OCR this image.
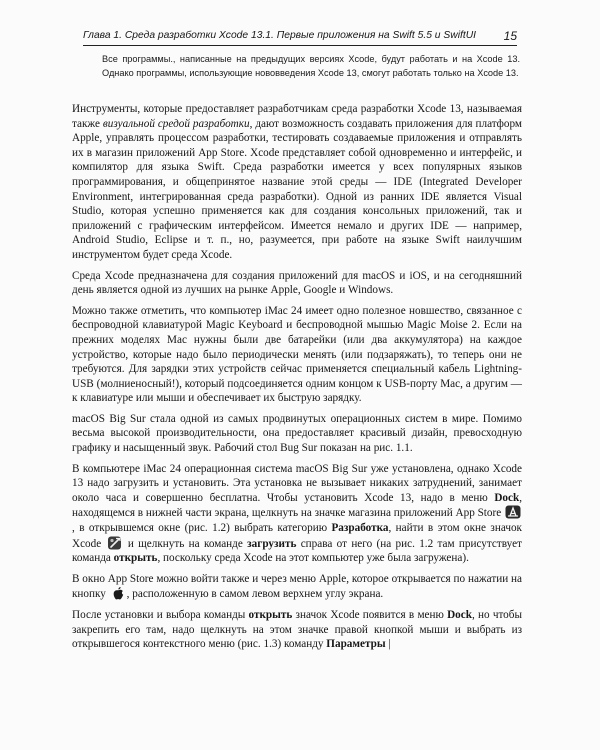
Глава 1. Среда разработки Xcode 13.1. Первые приложения на Swift 5.5 и SwiftUI 15
Все программы., написанные на предыдущих версиях Xcode, будут работать и на Xcode 13. Однако программы, использующие нововведения Xcode 13, смогут работать только на Xcode 13.

Инструменты, которые предоставляет разработчикам среда разработки Xcode 13, называемая также визуальной средой разработки, дают возможность создавать приложения для платформ Apple, управлять процессом разработки, тестировать создаваемые приложения и отправлять их в магазин приложений App Store. Xcode представляет собой одновременно и интерфейс, и компилятор для языка Swift. Среда разработки имеется у всех популярных языков программирования, и общепринятое название этой среды — IDE (Integrated Developer Environment, интегрированная среда разработки). Одной из ранних IDE является Visual Studio, которая успешно применяется как для создания консольных приложений, так и приложений с графическим интерфейсом. Имеется немало и других IDE — например, Android Studio, Eclipse и т. п., но, разумеется, при работе на языке Swift наилучшим инструментом будет среда Xcode.

Среда Xcode предназначена для создания приложений для macOS и iOS, и на сегодняшний день является одной из лучших на рынке Apple, Google и Windows.

Можно также отметить, что компьютер iMac 24 имеет одно полезное новшество, связанное с беспроводной клавиатурой Magic Keyboard и беспроводной мышью Magic Moise 2. Если на прежних моделях Mac нужны были две батарейки (или два аккумулятора) на каждое устройство, которые надо было периодически менять (или подзаряжать), то теперь они не требуются. Для зарядки этих устройств сейчас применяется специальный кабель Lightning-USB (молниеносный!), который подсоединяется одним концом к USB-порту Mac, а другим — к клавиатуре или мыши и обеспечивает их быструю зарядку.

macOS Big Sur стала одной из самых продвинутых операционных систем в мире. Помимо весьма высокой производительности, она предоставляет красивый дизайн, превосходную графику и насыщенный звук. Рабочий стол Bug Sur показан на рис. 1.1.

В компьютере iMac 24 операционная система macOS Big Sur уже установлена, однако Xcode 13 надо загрузить и установить. Эта установка не вызывает никаких затруднений, занимает около часа и совершенно бесплатна. Чтобы установить Xcode 13, надо в меню Dock, находящемся в нижней части экрана, щелкнуть на значке магазина приложений App Store
, в открывшемся окне (рис. 1.2) выбрать категорию Разработка, найти в этом окне значок Xcode
и щелкнуть на команде загрузить справа от него (на рис. 1.2 там присутствует команда открыть, поскольку среда Xcode на этот компьютер уже была загружена).

В окно App Store можно войти также и через меню Apple, которое открывается по нажатии на кнопку
, расположенную в самом левом верхнем углу экрана.

После установки и выбора команды открыть значок Xcode появится в меню Dock, но чтобы закрепить его там, надо щелкнуть на этом значке правой кнопкой мыши и выбрать из открывшегося контекстного меню (рис. 1.3) команду Параметры |
